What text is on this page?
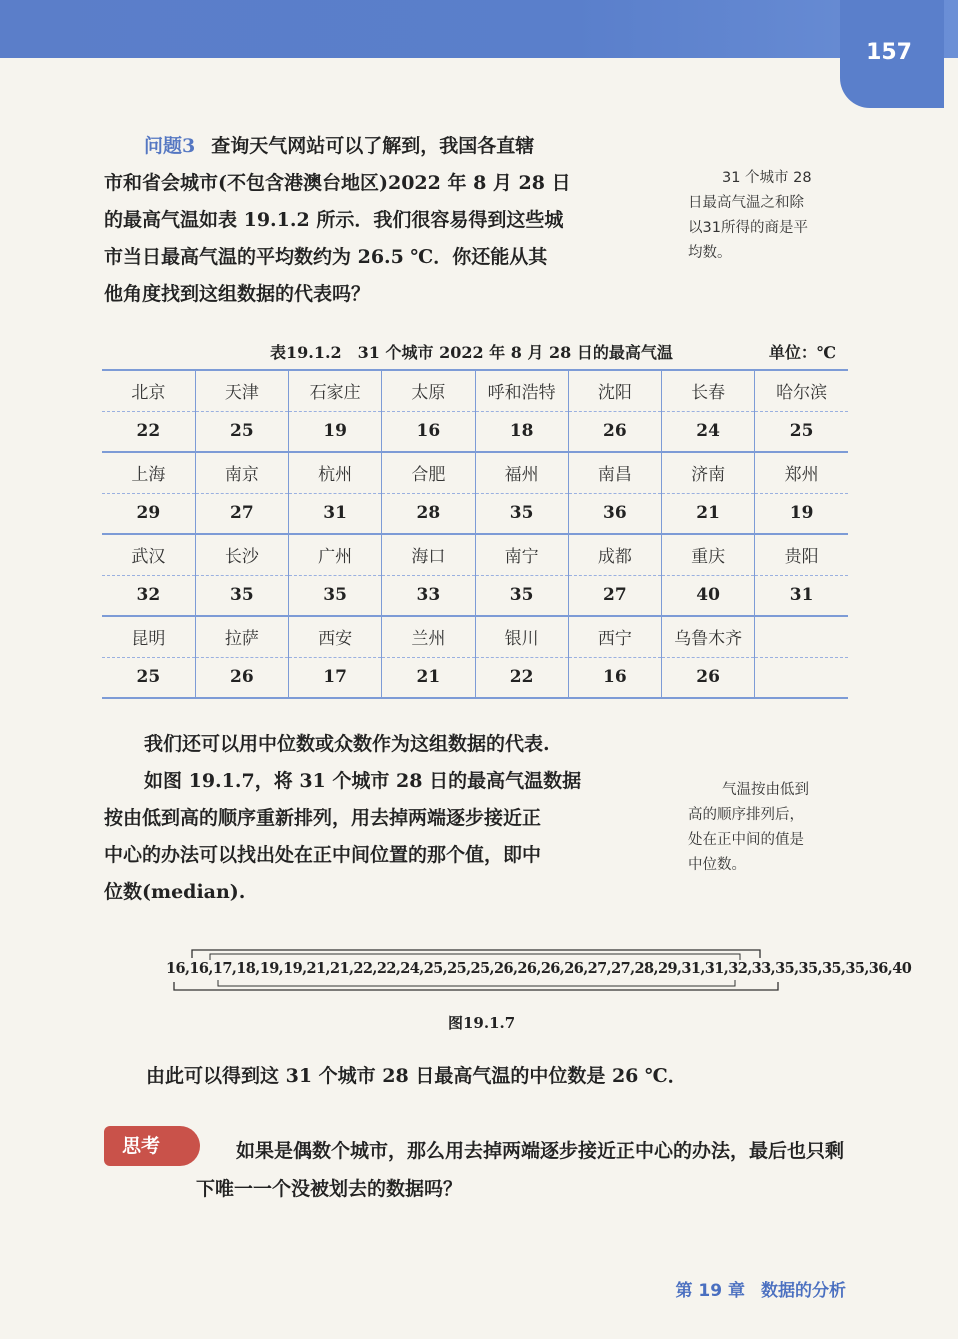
157
问题3 查询天气网站可以了解到，我国各直辖
市和省会城市(不包含港澳台地区)2022 年 8 月 28 日
的最高气温如表 19.1.2 所示．我们很容易得到这些城
市当日最高气温的平均数约为 26.5 ℃．你还能从其
他角度找到这组数据的代表吗？
31 个城市 28
日最高气温之和除
以31所得的商是平
均数。
表19.1.2　31 个城市 2022 年 8 月 28 日的最高气温	单位：℃
北京	天津	石家庄	太原	呼和浩特	沈阳	长春	哈尔滨
22	25	19	16	18	26	24	25
上海	南京	杭州	合肥	福州	南昌	济南	郑州
29	27	31	28	35	36	21	19
武汉	长沙	广州	海口	南宁	成都	重庆	贵阳
32	35	35	33	35	27	40	31
昆明	拉萨	西安	兰州	银川	西宁	乌鲁木齐	
25	26	17	21	22	16	26	
我们还可以用中位数或众数作为这组数据的代表.
如图 19.1.7，将 31 个城市 28 日的最高气温数据
按由低到高的顺序重新排列，用去掉两端逐步接近正
中心的办法可以找出处在正中间位置的那个值，即中
位数(median).
气温按由低到
高的顺序排列后，
处在正中间的值是
中位数。
16,16,17,18,19,19,21,21,22,22,24,25,25,25,26,26,26,26,27,27,28,29,31,31,32,33,35,35,35,35,36,40
图19.1.7
由此可以得到这 31 个城市 28 日最高气温的中位数是 26 ℃．
思考	如果是偶数个城市，那么用去掉两端逐步接近正中心的办法，最后也只剩下唯一一个没被划去的数据吗？
第 19 章 数据的分析
